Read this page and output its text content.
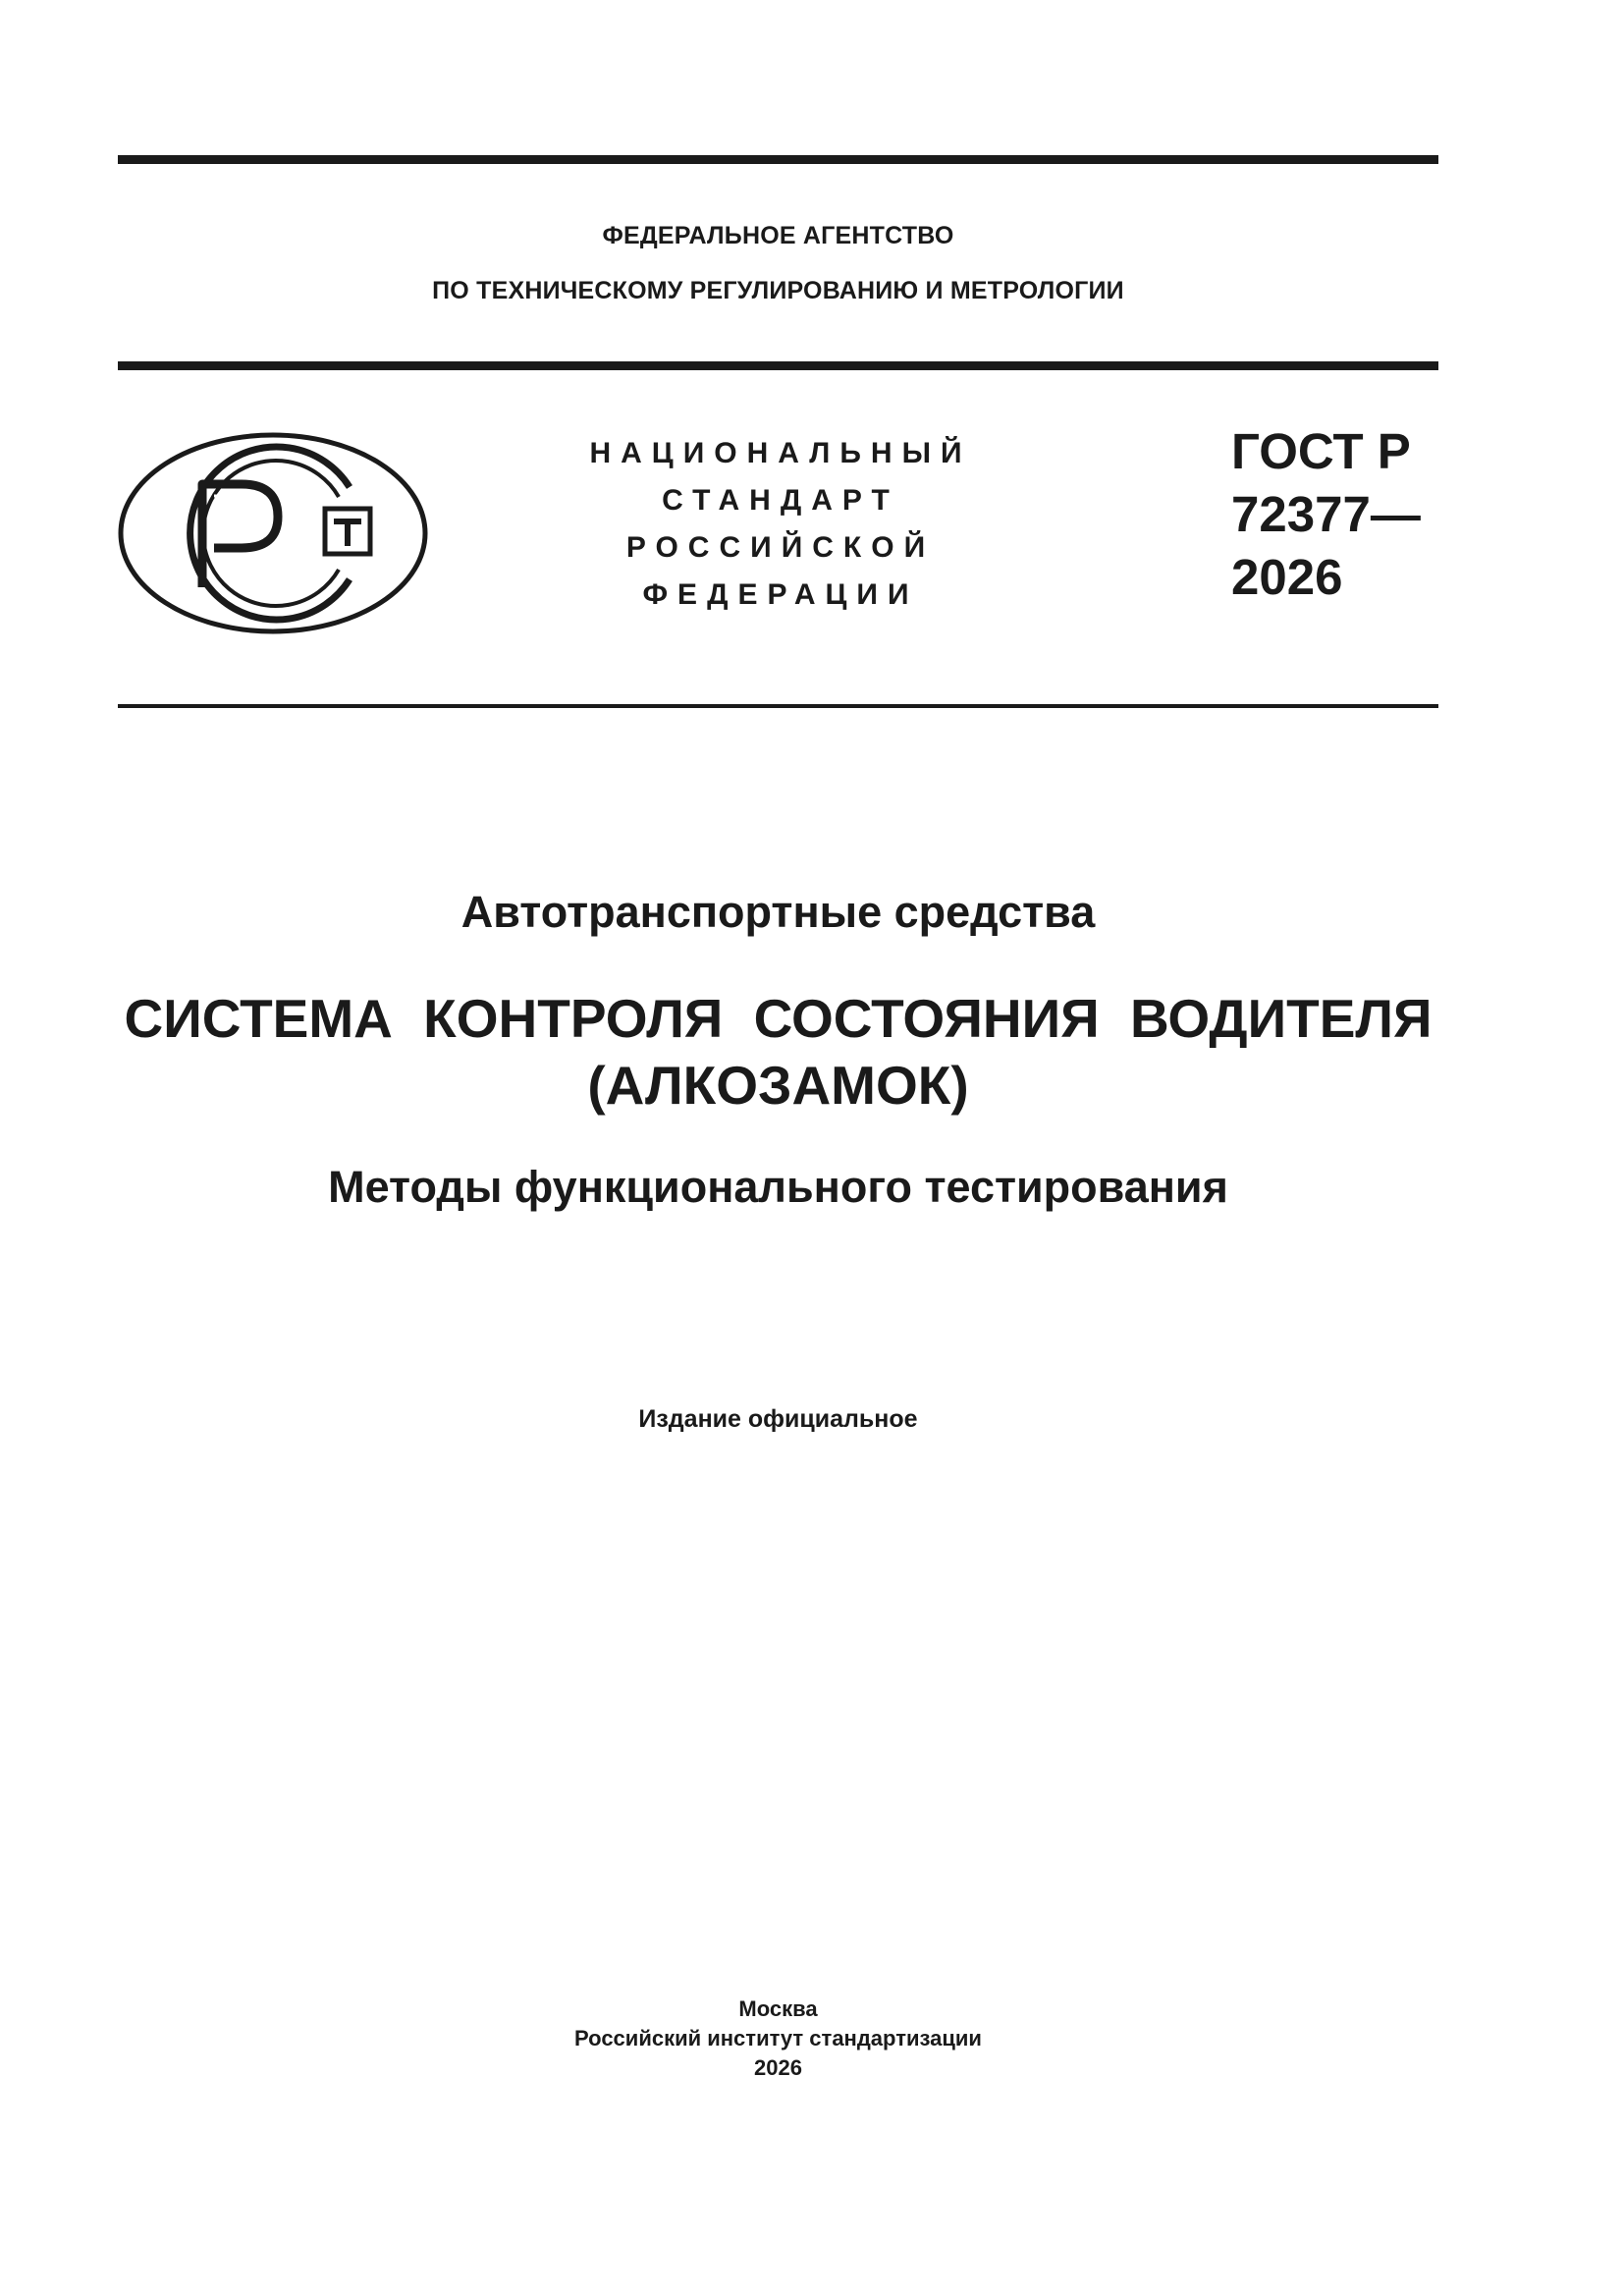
ФЕДЕРАЛЬНОЕ АГЕНТСТВО
ПО ТЕХНИЧЕСКОМУ РЕГУЛИРОВАНИЮ И МЕТРОЛОГИИ
НАЦИОНАЛЬНЫЙ
СТАНДАРТ
РОССИЙСКОЙ
ФЕДЕРАЦИИ
ГОСТ Р
72377—
2026
Автотранспортные средства
СИСТЕМА КОНТРОЛЯ СОСТОЯНИЯ ВОДИТЕЛЯ
(АЛКОЗАМОК)
Методы функционального тестирования
Издание официальное
Москва
Российский институт стандартизации
2026
